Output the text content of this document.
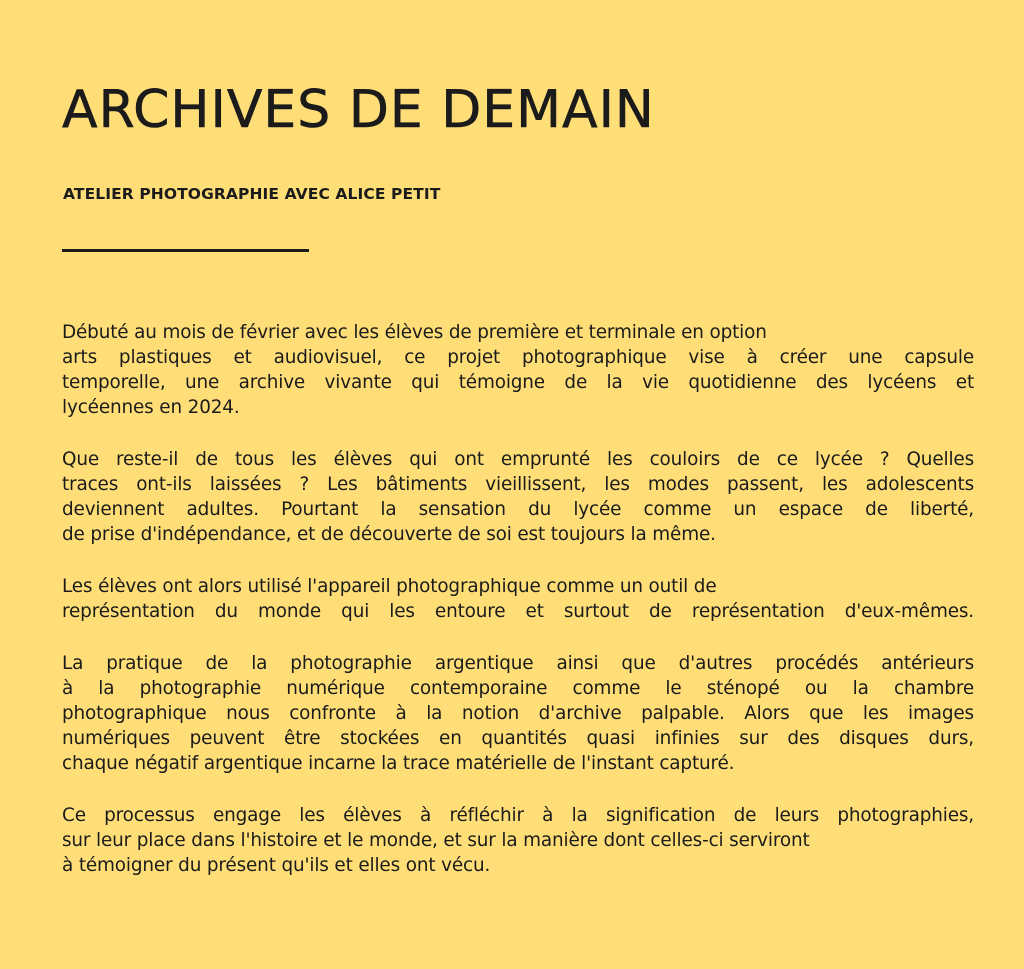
ARCHIVES DE DEMAIN
ATELIER PHOTOGRAPHIE AVEC ALICE PETIT

Débuté au mois de février avec les élèves de première et terminale en option
arts plastiques et audiovisuel, ce projet photographique vise à créer une capsule
temporelle, une archive vivante qui témoigne de la vie quotidienne des lycéens et
lycéennes en 2024.

Que reste-il de tous les élèves qui ont emprunté les couloirs de ce lycée ? Quelles
traces ont-ils laissées ? Les bâtiments vieillissent, les modes passent, les adolescents
deviennent adultes. Pourtant la sensation du lycée comme un espace de liberté,
de prise d'indépendance, et de découverte de soi est toujours la même.

Les élèves ont alors utilisé l'appareil photographique comme un outil de
représentation du monde qui les entoure et surtout de représentation d'eux-mêmes.

La pratique de la photographie argentique ainsi que d'autres procédés antérieurs
à la photographie numérique contemporaine comme le sténopé ou la chambre
photographique nous confronte à la notion d'archive palpable. Alors que les images
numériques peuvent être stockées en quantités quasi infinies sur des disques durs,
chaque négatif argentique incarne la trace matérielle de l'instant capturé.

Ce processus engage les élèves à réfléchir à la signification de leurs photographies,
sur leur place dans l'histoire et le monde, et sur la manière dont celles-ci serviront
à témoigner du présent qu'ils et elles ont vécu.
